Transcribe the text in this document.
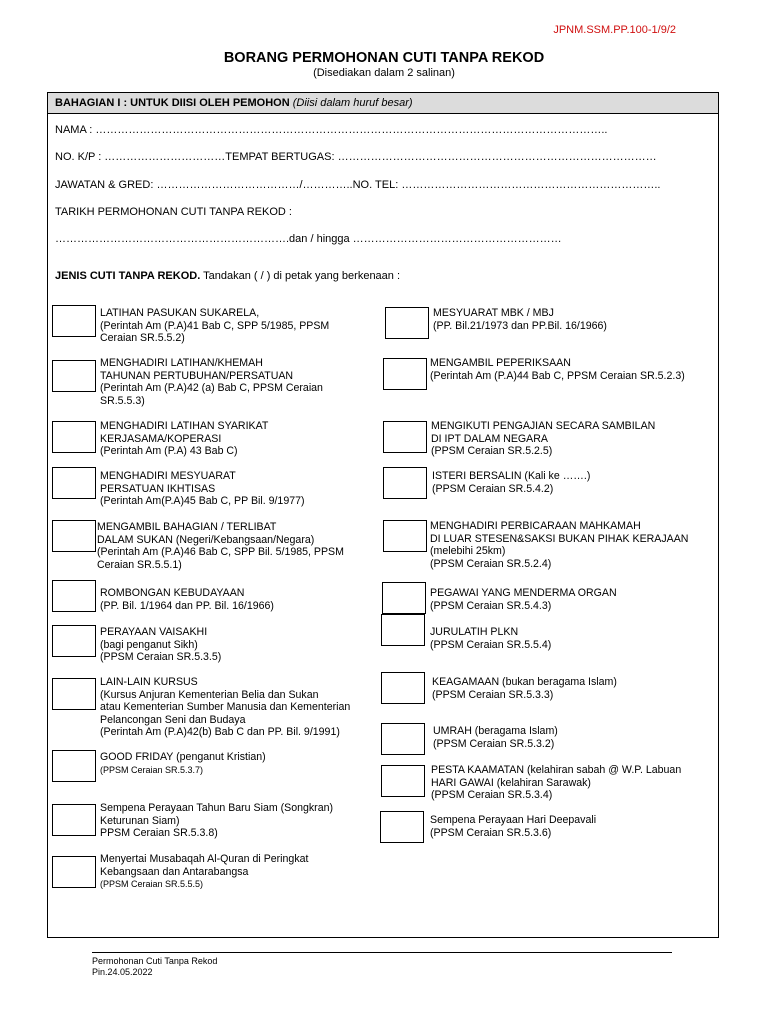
JPNM.SSM.PP.100-1/9/2
BORANG PERMOHONAN CUTI TANPA REKOD
(Disediakan dalam 2 salinan)
BAHAGIAN I : UNTUK DIISI OLEH PEMOHON (Diisi dalam huruf besar)
NAMA : …………………………………………………………………………………………………………………………..
NO. K/P : ……………………………TEMPAT BERTUGAS: ……………………………………………………………………………
JAWATAN & GRED: …………………………………/…………..NO. TEL: ……………………………………………………………..
TARIKH PERMOHONAN CUTI TANPA REKOD :
……………………………………………………….dan / hingga …………………………………………………
JENIS CUTI TANPA REKOD. Tandakan ( / ) di petak yang berkenaan :
LATIHAN PASUKAN SUKARELA,
(Perintah Am (P.A)41 Bab C, SPP 5/1985, PPSM
Ceraian SR.5.5.2)
MENGHADIRI LATIHAN/KHEMAH
TAHUNAN PERTUBUHAN/PERSATUAN
(Perintah Am (P.A)42 (a) Bab C, PPSM Ceraian
SR.5.5.3)
MENGHADIRI LATIHAN SYARIKAT
KERJASAMA/KOPERASI
(Perintah Am (P.A) 43 Bab C)
MENGHADIRI MESYUARAT
PERSATUAN IKHTISAS
(Perintah Am(P.A)45 Bab C, PP Bil. 9/1977)
MENGAMBIL BAHAGIAN / TERLIBAT
DALAM SUKAN (Negeri/Kebangsaan/Negara)
(Perintah Am (P.A)46 Bab C, SPP Bil. 5/1985, PPSM
Ceraian SR.5.5.1)
ROMBONGAN KEBUDAYAAN
(PP. Bil. 1/1964 dan PP. Bil. 16/1966)
PERAYAAN VAISAKHI
(bagi penganut Sikh)
(PPSM Ceraian SR.5.3.5)
LAIN-LAIN KURSUS
(Kursus Anjuran Kementerian Belia dan Sukan
atau Kementerian Sumber Manusia dan Kementerian
Pelancongan Seni dan Budaya
(Perintah Am (P.A)42(b) Bab C dan PP. Bil. 9/1991)
GOOD FRIDAY (penganut Kristian)
(PPSM Ceraian SR.5.3.7)
Sempena Perayaan Tahun Baru Siam (Songkran)
Keturunan Siam)
PPSM Ceraian SR.5.3.8)
Menyertai Musabaqah Al-Quran di Peringkat
Kebangsaan dan Antarabangsa
(PPSM Ceraian SR.5.5.5)
MESYUARAT MBK / MBJ
(PP. Bil.21/1973 dan PP.Bil. 16/1966)
MENGAMBIL PEPERIKSAAN
(Perintah Am (P.A)44 Bab C, PPSM Ceraian SR.5.2.3)
MENGIKUTI PENGAJIAN SECARA SAMBILAN
DI IPT DALAM NEGARA
(PPSM Ceraian SR.5.2.5)
ISTERI BERSALIN (Kali ke …….)
(PPSM Ceraian SR.5.4.2)
MENGHADIRI PERBICARAAN MAHKAMAH
DI LUAR STESEN&SAKSI BUKAN PIHAK KERAJAAN
(melebihi 25km)
(PPSM Ceraian SR.5.2.4)
PEGAWAI YANG MENDERMA ORGAN
(PPSM Ceraian SR.5.4.3)
JURULATIH PLKN
(PPSM Ceraian SR.5.5.4)
KEAGAMAAN (bukan beragama Islam)
(PPSM Ceraian SR.5.3.3)
UMRAH (beragama Islam)
(PPSM Ceraian SR.5.3.2)
PESTA KAAMATAN (kelahiran sabah @ W.P. Labuan
HARI GAWAI (kelahiran Sarawak)
(PPSM Ceraian SR.5.3.4)
Sempena Perayaan Hari Deepavali
(PPSM Ceraian SR.5.3.6)
Permohonan Cuti Tanpa Rekod
Pin.24.05.2022
